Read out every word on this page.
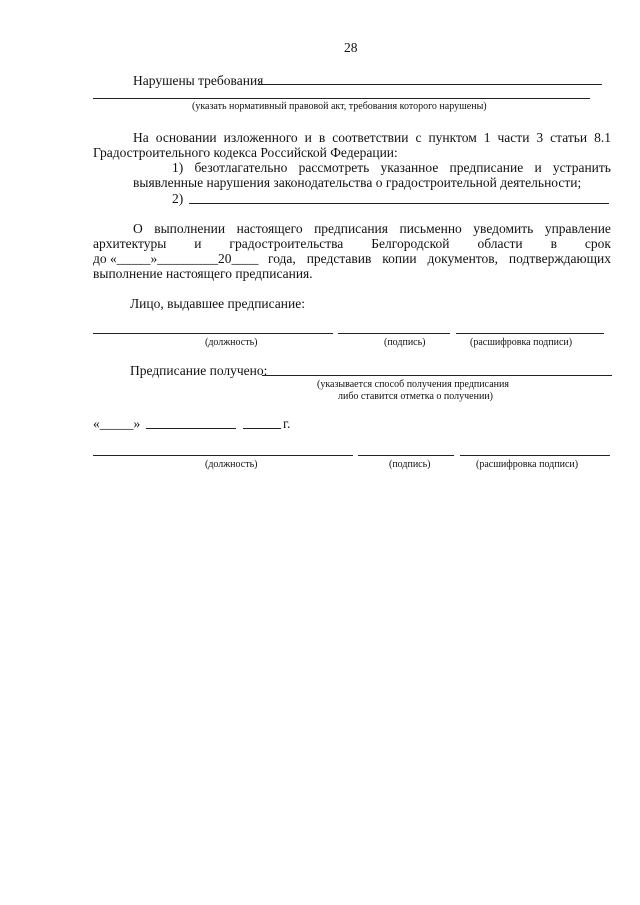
28
Нарушены требования
(указать нормативный правовой акт, требования которого нарушены)
На основании изложенного и в соответствии с пунктом 1 части 3 статьи 8.1
Градостроительного кодекса Российской Федерации:
1) безотлагательно рассмотреть указанное предписание и устранить
выявленные нарушения законодательства о градостроительной деятельности;
2)
О выполнении настоящего предписания письменно уведомить управление
архитектуры и градостроительства Белгородской области в срок
до «_____»_________20____ года, представив копии документов, подтверждающих
выполнение настоящего предписания.
Лицо, выдавшее предписание:
(должность)	(подпись)	(расшифровка подписи)
Предписание получено:
(указывается способ получения предписания
либо ставится отметка о получении)
«_____»	г.
(должность)	(подпись)	(расшифровка подписи)
